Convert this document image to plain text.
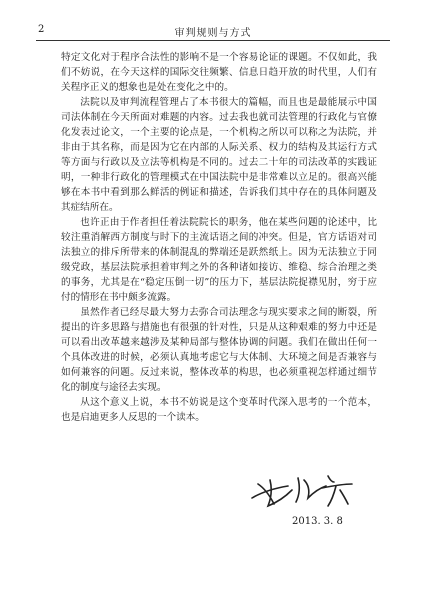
2	审判规则与方式

特定文化对于程序合法性的影响不是一个容易论证的课题。不仅如此，我们不妨说，在今天这样的国际交往频繁、信息日趋开放的时代里，人们有关程序正义的想象也是处在变化之中的。

法院以及审判流程管理占了本书很大的篇幅，而且也是最能展示中国司法体制在今天所面对难题的内容。过去我也就司法管理的行政化与官僚化发表过论文，一个主要的论点是，一个机构之所以可以称之为法院，并非由于其名称，而是因为它在内部的人际关系、权力的结构及其运行方式等方面与行政以及立法等机构是不同的。过去二十年的司法改革的实践证明，一种非行政化的管理模式在中国法院中是非常难以立足的。很高兴能够在本书中看到那么鲜活的例证和描述，告诉我们其中存在的具体问题及其症结所在。

也许正由于作者担任着法院院长的职务，他在某些问题的论述中，比较注重消解西方制度与时下的主流话语之间的冲突。但是，官方话语对司法独立的排斥所带来的体制混乱的弊端还是跃然纸上。因为无法独立于同级党政，基层法院承担着审判之外的各种诸如接访、维稳、综合治理之类的事务，尤其是在“稳定压倒一切”的压力下，基层法院捉襟见肘，穷于应付的情形在书中颇多流露。

虽然作者已经尽最大努力去弥合司法理念与现实要求之间的断裂，所提出的许多思路与措施也有很强的针对性，只是从这种艰难的努力中还是可以看出改革越来越涉及某种局部与整体协调的问题。我们在做出任何一个具体改进的时候，必须认真地考虑它与大体制、大环境之间是否兼容与如何兼容的问题。反过来说，整体改革的构思，也必须重视怎样通过细节化的制度与途径去实现。

从这个意义上说，本书不妨说是这个变革时代深入思考的一个范本，也是启迪更多人反思的一个读本。

2013. 3. 8
